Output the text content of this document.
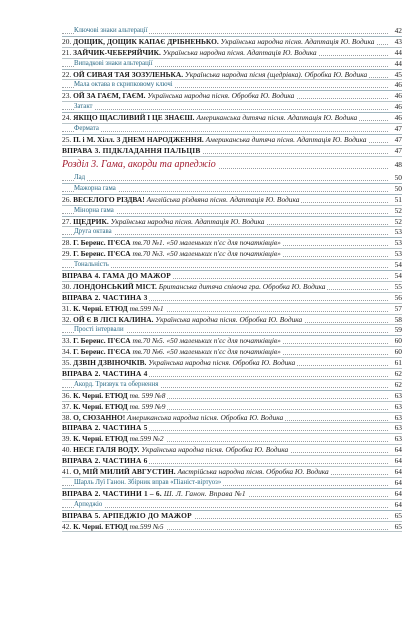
Ключові знаки альтерації	42
20. ДОЩИК, ДОЩИК КАПАЄ ДРІБНЕНЬКО. Українська народна пісня. Адаптація Ю. Водика	43
21. ЗАЙЧИК-ЧЕБЕРЯЙЧИК. Українська народна пісня. Адаптація Ю. Водика	44
Випадкові знаки альтерації	44
22. ОЙ СИВАЯ ТАЯ ЗОЗУЛЕНЬКА. Українська народна пісня (щедрівка). Обробка Ю. Водика	45
Мала октава в скрипковому ключі	46
23. ОЙ ЗА ГАЄМ, ГАЄМ. Українська народна пісня. Обробка Ю. Водика	46
Затакт	46
24. ЯКЩО ЩАСЛИВИЙ І ЦЕ ЗНАЄШ. Американська дитяча пісня. Адаптація Ю. Водика	46
Фермата	47
25. П. і М. Хілл. З ДНЕМ НАРОДЖЕННЯ. Американська дитяча пісня. Адаптація Ю. Водика	47
ВПРАВА 3. ПІДКЛАДАННЯ ПАЛЬЦІВ	47
Розділ 3. Гама, акорди та арпеджіо	48
Лад	50
Мажорна гама	50
26. ВЕСЕЛОГО РІЗДВА! Англійська різдвяна пісня. Адаптація Ю. Водика	51
Мінорна гама	52
27. ЩЕДРИК. Українська народна пісня. Адаптація Ю. Водика	52
Друга октава	53
28. Г. Беренс. П'ЄСА тв.70 №1. «50 маленьких п'єс для початківців»	53
29. Г. Беренс. П'ЄСА тв.70 №3. «50 маленьких п'єс для початківців»	53
Тональність	54
ВПРАВА 4. ГАМА ДО МАЖОР	54
30. ЛОНДОНСЬКИЙ МІСТ. Британська дитяча співоча гра. Обробка Ю. Водика	55
ВПРАВА 2. ЧАСТИНА 3	56
31. К. Черні. ЕТЮД тв.599 №1	57
32. ОЙ Є В ЛІСІ КАЛИНА. Українська народна пісня. Обробка Ю. Водика	58
Прості інтервали	59
33. Г. Беренс. П'ЄСА тв.70 №5. «50 маленьких п'єс для початківців»	60
34. Г. Беренс. П'ЄСА тв.70 №6. «50 маленьких п'єс для початківців»	60
35. ДЗВІН ДЗВІНОЧКІВ. Українська народна пісня. Обробка Ю. Водика	61
ВПРАВА 2. ЧАСТИНА 4	62
Акорд. Тризвук та обернення	62
36. К. Черні. ЕТЮД тв. 599 №8	63
37. К. Черні. ЕТЮД тв. 599 №9	63
38. О, СЮЗАННО! Американська народна пісня. Обробка Ю. Водика	63
ВПРАВА 2. ЧАСТИНА 5	63
39. К. Черні. ЕТЮД тв.599 №2	63
40. НЕСЕ ГАЛЯ ВОДУ. Українська народна пісня. Обробка Ю. Водика	64
ВПРАВА 2. ЧАСТИНА 6	64
41. О, МІЙ МИЛИЙ АВГУСТИН. Австрійська народна пісня. Обробка Ю. Водика	64
Шарль Луї Ганон. Збірник вправ «Піаніст-віртуоз»	64
ВПРАВА 2. ЧАСТИНИ 1 – 6. Ш. Л. Ганон. Вправа №1	64
Арпеджіо	64
ВПРАВА 5. АРПЕДЖІО ДО МАЖОР	65
42. К. Черні. ЕТЮД тв.599 №5	65
